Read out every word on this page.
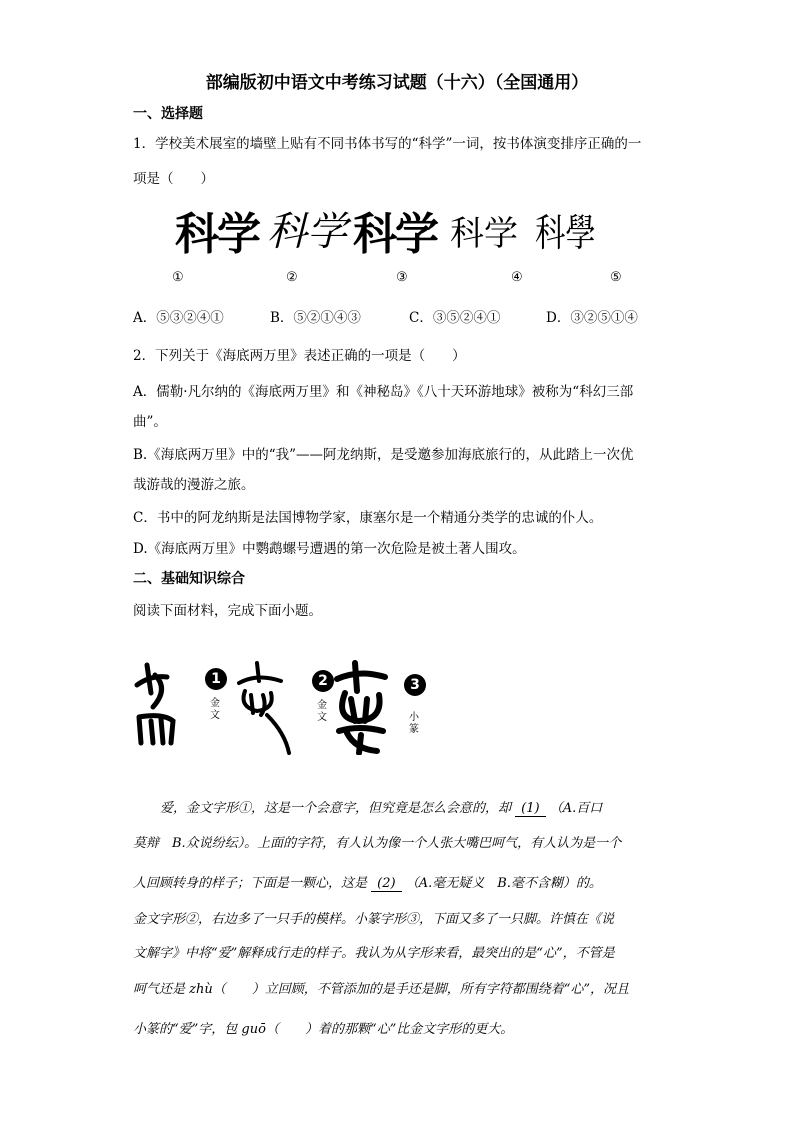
部编版初中语文中考练习试题（十六）（全国通用）
一、选择题
1．学校美术展室的墙壁上贴有不同书体书写的“科学”一词，按书体演变排序正确的一
项是（　　）
科学 科学 科学 科学 科學
①	②	③	④	⑤
A．⑤③②④①	B．⑤②①④③	C．③⑤②④①	D．③②⑤①④
2．下列关于《海底两万里》表述正确的一项是（　　）
A．儒勒·凡尔纳的《海底两万里》和《神秘岛》《八十天环游地球》被称为“科幻三部
曲”。
B.《海底两万里》中的“我”——阿龙纳斯，是受邀参加海底旅行的，从此踏上一次优
哉游哉的漫游之旅。
C．书中的阿龙纳斯是法国博物学家，康塞尔是一个精通分类学的忠诚的仆人。
D.《海底两万里》中鹦鹉螺号遭遇的第一次危险是被土著人围攻。
二、基础知识综合
阅读下面材料，完成下面小题。
1
金文
2
金文
3
小篆
爱，金文字形①，这是一个会意字，但究竟是怎么会意的，却 (1) （A.百口
莫辩　B.众说纷纭）。上面的字符，有人认为像一个人张大嘴巴呵气，有人认为是一个
人回顾转身的样子；下面是一颗心，这是 (2) （A.毫无疑义　B.毫不含糊）的。
金文字形②，右边多了一只手的模样。小篆字形③，下面又多了一只脚。许慎在《说
文解字》中将“爱”解释成行走的样子。我认为从字形来看，最突出的是“心”，不管是
呵气还是 zhù（　　）立回顾，不管添加的是手还是脚，所有字符都围绕着“心”，况且
小篆的“爱”字，包 guō（　　）着的那颗“心”比金文字形的更大。
